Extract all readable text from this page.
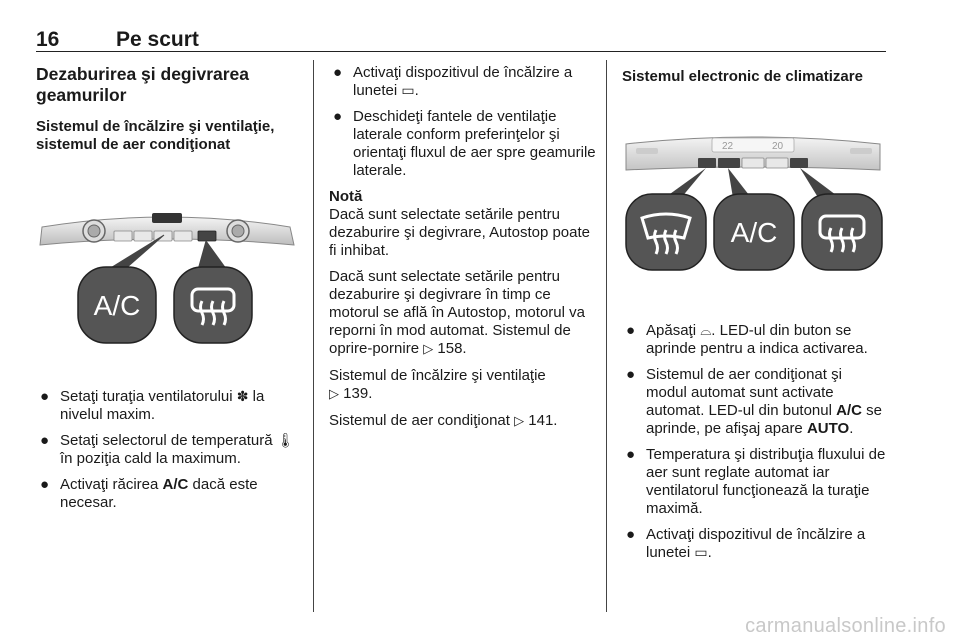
16	Pe scurt
Dezaburirea şi degivrarea geamurilor
Sistemul de încălzire şi ventilaţie, sistemul de aer condiţionat
A/C
● Setaţi turaţia ventilatorului ✽ la nivelul maxim.
● Setaţi selectorul de temperatură 🌡 în poziţia cald la maximum.
● Activaţi răcirea A/C dacă este necesar.
● Activaţi dispozitivul de încălzire a lunetei ▭.
● Deschideţi fantele de ventilaţie laterale conform preferinţelor şi orientaţi fluxul de aer spre geamurile laterale.
Notă
Dacă sunt selectate setările pentru dezaburire şi degivrare, Autostop poate fi inhibat.
Dacă sunt selectate setările pentru dezaburire şi degivrare în timp ce motorul se află în Autostop, motorul va reporni în mod automat. Sistemul de oprire-pornire ▷ 158.
Sistemul de încălzire şi ventilaţie
▷ 139.
Sistemul de aer condiţionat ▷ 141.
Sistemul electronic de climatizare
22	20
A/C
● Apăsaţi ⌓. LED-ul din buton se aprinde pentru a indica activarea.
● Sistemul de aer condiţionat şi modul automat sunt activate automat. LED-ul din butonul A/C se aprinde, pe afişaj apare AUTO.
● Temperatura şi distribuţia fluxului de aer sunt reglate automat iar ventilatorul funcţionează la turaţie maximă.
● Activaţi dispozitivul de încălzire a lunetei ▭.
carmanualsonline.info
